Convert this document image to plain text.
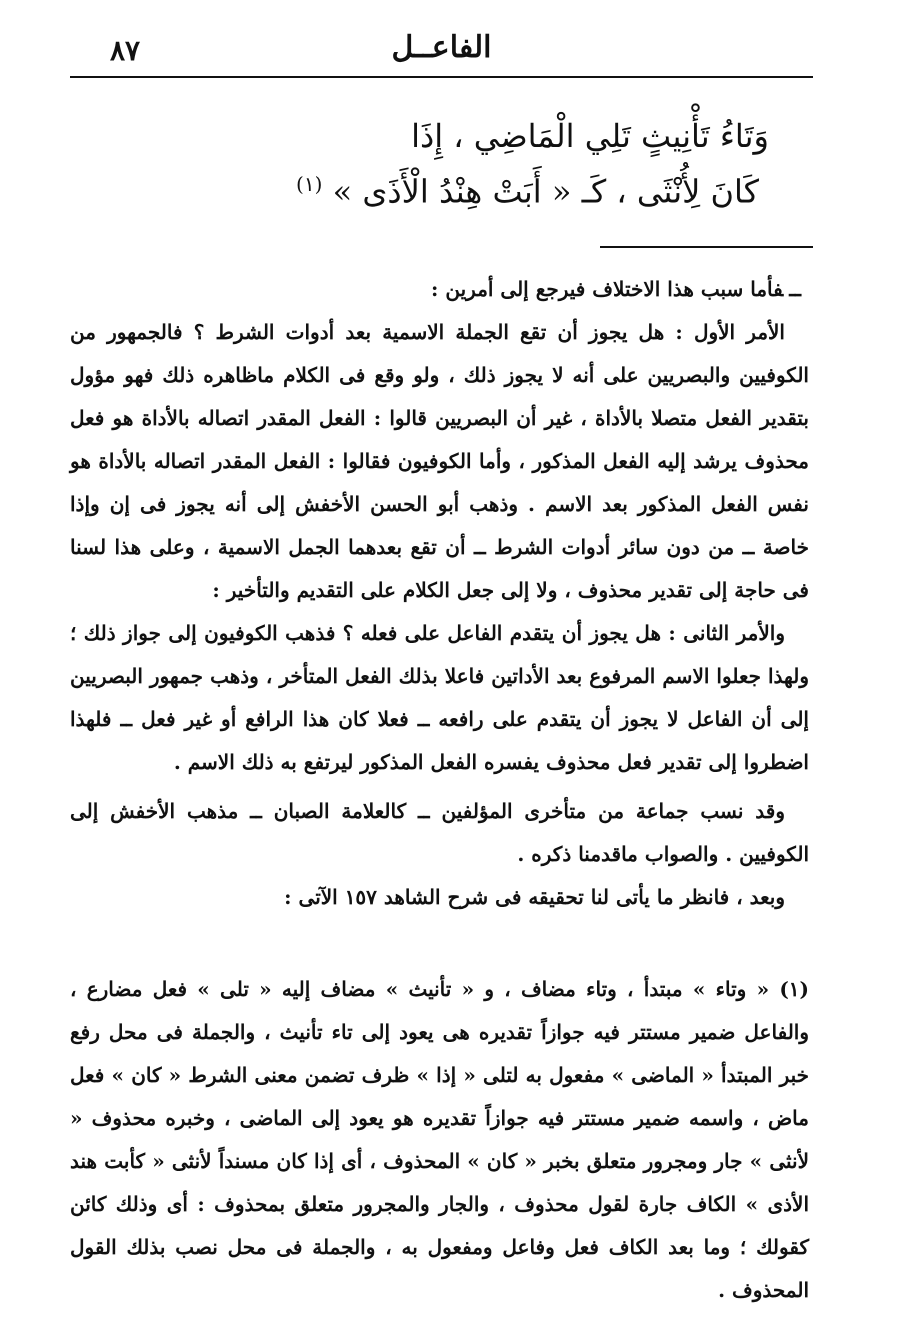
٨٧	الفاعــل
وَتَاءُ تَأْنِيثٍ تَلِي الْمَاضِي ، إِذَا
كَانَ لِأُنْثَى ، كَـ « أَبَتْ هِنْدُ الْأَذَى » $^{(١)}$

ــفأما سبب هذا الاختلاف فيرجع إلى أمرين :

الأمر الأول : هل يجوز أن تقع الجملة الاسمية بعد أدوات الشرط ؟ فالجمهور من الكوفيين والبصريين على أنه لا يجوز ذلك ، ولو وقع فى الكلام ماظاهره ذلك فهو مؤول بتقدير الفعل متصلا بالأداة ، غير أن البصريين قالوا : الفعل المقدر اتصاله بالأداة هو فعل محذوف يرشد إليه الفعل المذكور ، وأما الكوفيون فقالوا : الفعل المقدر اتصاله بالأداة هو نفس الفعل المذكور بعد الاسم . وذهب أبو الحسن الأخفش إلى أنه يجوز فى إن وإذا خاصة ــ من دون سائر أدوات الشرط ــ أن تقع بعدهما الجمل الاسمية ، وعلى هذا لسنا فى حاجة إلى تقدير محذوف ، ولا إلى جعل الكلام على التقديم والتأخير :

والأمر الثانى : هل يجوز أن يتقدم الفاعل على فعله ؟ فذهب الكوفيون إلى جواز ذلك ؛ ولهذا جعلوا الاسم المرفوع بعد الأداتين فاعلا بذلك الفعل المتأخر ، وذهب جمهور البصريين إلى أن الفاعل لا يجوز أن يتقدم على رافعه ــ فعلا كان هذا الرافع أو غير فعل ــ فلهذا اضطروا إلى تقدير فعل محذوف يفسره الفعل المذكور ليرتفع به ذلك الاسم .

وقد نسب جماعة من متأخرى المؤلفين ــ كالعلامة الصبان ــ مذهب الأخفش إلى الكوفيين . والصواب ماقدمنا ذكره .

وبعد ، فانظر ما يأتى لنا تحقيقه فى شرح الشاهد ١٥٧ الآتى :

(١) « وتاء » مبتدأ ، وتاء مضاف ، و « تأنيث » مضاف إليه « تلى » فعل مضارع ، والفاعل ضمير مستتر فيه جوازاً تقديره هى يعود إلى تاء تأنيث ، والجملة فى محل رفع خبر المبتدأ « الماضى » مفعول به لتلى « إذا » ظرف تضمن معنى الشرط « كان » فعل ماض ، واسمه ضمير مستتر فيه جوازاً تقديره هو يعود إلى الماضى ، وخبره محذوف « لأنثى » جار ومجرور متعلق بخبر « كان » المحذوف ، أى إذا كان مسنداً لأنثى « كأبت هند الأذى » الكاف جارة لقول محذوف ، والجار والمجرور متعلق بمحذوف : أى وذلك كائن كقولك ؛ وما بعد الكاف فعل وفاعل ومفعول به ، والجملة فى محل نصب بذلك القول المحذوف .
